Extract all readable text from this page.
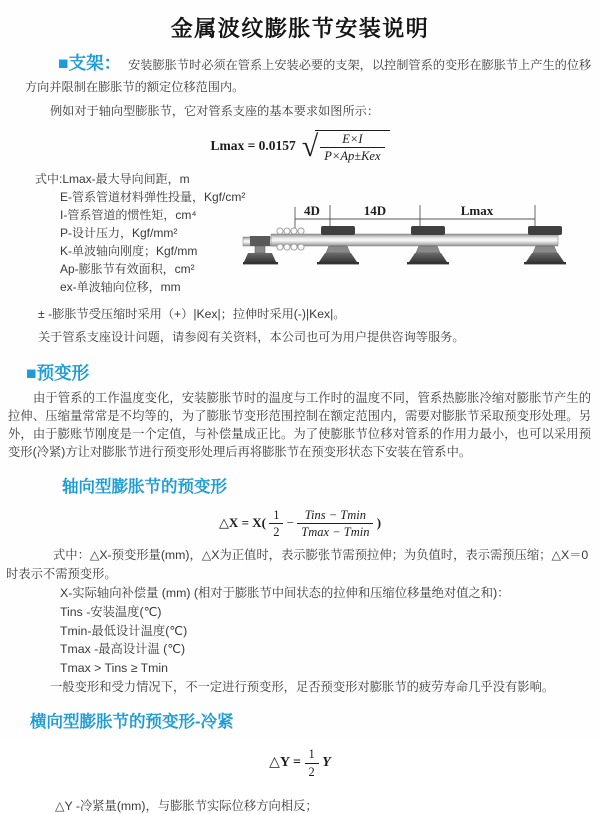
金属波纹膨胀节安装说明

■支架： 安装膨胀节时必须在管系上安装必要的支架，以控制管系的变形在膨胀节上产生的位移方向并限制在膨胀节的额定位移范围内。

例如对于轴向型膨胀节，它对管系支座的基本要求如图所示：

Lmax = 0.0157 √ $\frac{E\times I}{\text{P×Ap±Kex}}$
式中:Lmax-最大导向间距，m
E-管系管道材料弹性投量，Kgf/cm²
I-管系管道的惯性矩，cm⁴
P-设计压力，Kgf/mm²
K-单波轴向刚度；Kgf/mm
Ap-膨胀节有效面积，cm²
ex-单波轴向位移，mm
4D	14D	Lmax

± -膨胀节受压缩时采用（+）|Kex|；拉伸时采用(-)|Kex|。

关于管系支座设计问题，请参阅有关资料，本公司也可为用户提供咨询等服务。

■预变形

由于管系的工作温度变化，安装膨胀节时的温度与工作时的温度不同，管系热膨胀冷缩对膨胀节产生的拉伸、压缩量常常是不均等的，为了膨胀节变形范围控制在额定范围内，需要对膨胀节采取预变形处理。另外，由于膨账节刚度是一个定值，与补偿量成正比。为了使膨胀节位移对管系的作用力最小，也可以采用预变形(冷紧)方让对膨胀节进行预变形处理后再将膨胀节在预变形状态下安装在管系中。

轴向型膨胀节的预变形
△X = $X( \frac{1}{2} - \frac{\text{Tins − Tmin}}{Tmax - Tmin}$ )

式中：△X-预变形量(mm)，△X为正值时，表示膨张节需预拉伸；为负值时，表示需预压缩；△X＝0时表示不需预变形。

X-实际轴向补偿量 (mm) (相对于膨胀节中间状态的拉伸和压缩位移量绝对值之和)：
Tins -安装温度(℃)
Tmin-最低设计温度(℃)
Tmax -最高设计温 (℃)
Tmax > Tins ≥ Tmin
一般变形和受力情况下，不一定进行预变形，足否预变形对膨胀节的疲劳寿命几乎没有影响。
横向型膨胀节的预变形-冷紧
△Y = $\frac{1}{2}$ Y

△Y -冷紧量(mm)，与膨胀节实际位移方向相反；
